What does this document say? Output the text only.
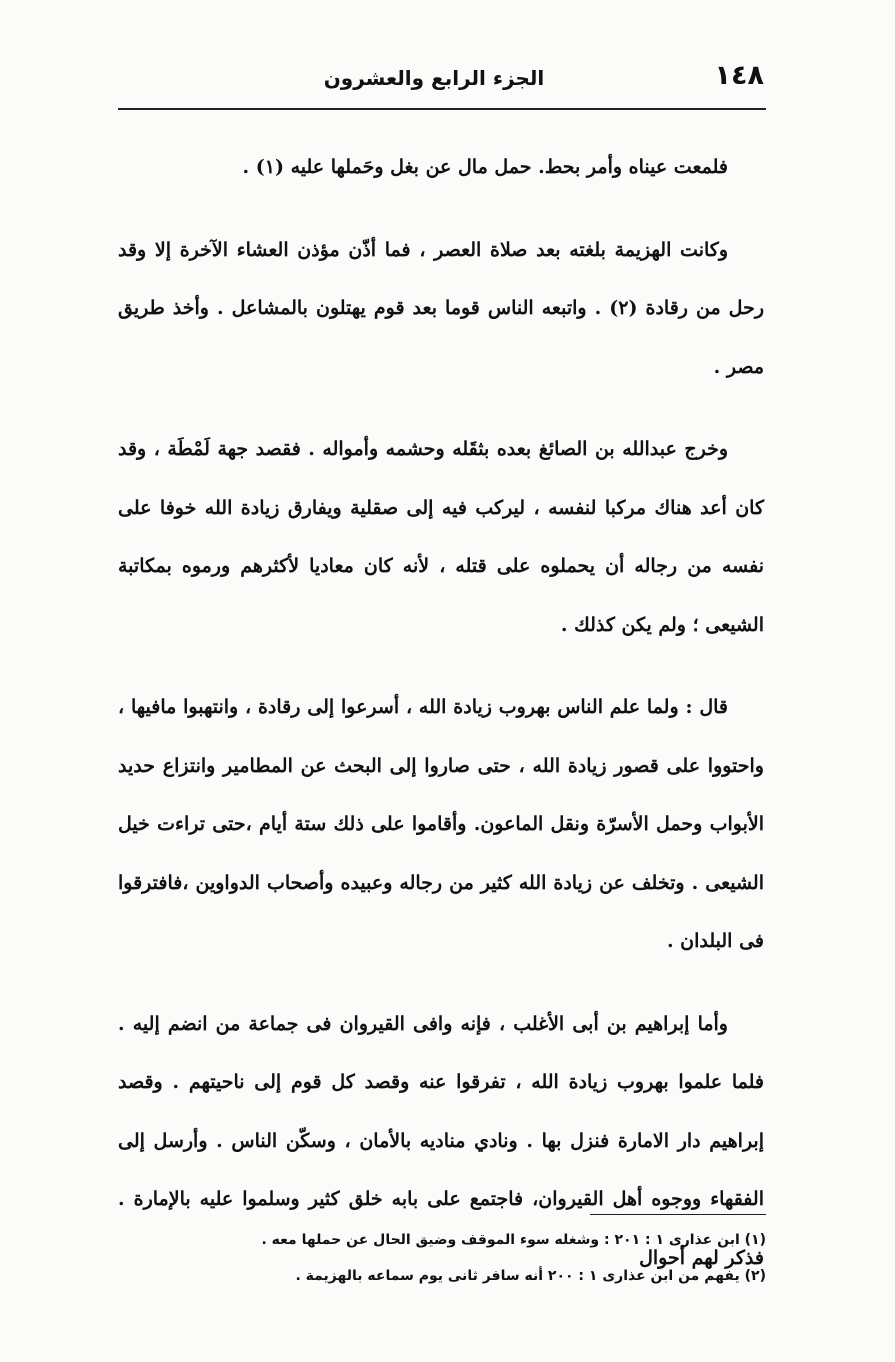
١٤٨
الجزء الرابع والعشرون

فلمعت عيناه وأمر بحط. حمل مال عن بغل وحَملها عليه (١) .

وكانت الهزيمة بلغته بعد صلاة العصر ، فما أذّن مؤذن العشاء الآخرة إلا وقد رحل من رقادة (٢) . واتبعه الناس قوما بعد قوم يهتلون بالمشاعل . وأخذ طريق مصر .

وخرج عبدالله بن الصائغ بعده بثقَله وحشمه وأمواله . فقصد جهة لَمْطَة ، وقد كان أعد هناك مركبا لنفسه ، ليركب فيه إلى صقلية ويفارق زيادة الله خوفا على نفسه من رجاله أن يحملوه على قتله ، لأنه كان معاديا لأكثرهم ورموه بمكاتبة الشيعى ؛ ولم يكن كذلك .

قال : ولما علم الناس بهروب زيادة الله ، أسرعوا إلى رقادة ، وانتهبوا مافيها ، واحتووا على قصور زيادة الله ، حتى صاروا إلى البحث عن المطامير وانتزاع حديد الأبواب وحمل الأسرّة ونقل الماعون. وأقاموا على ذلك ستة أيام ،حتى تراءت خيل الشيعى . وتخلف عن زيادة الله كثير من رجاله وعبيده وأصحاب الدواوين ،فافترقوا فى البلدان .

وأما إبراهيم بن أبى الأغلب ، فإنه وافى القيروان فى جماعة من انضم إليه . فلما علموا بهروب زيادة الله ، تفرقوا عنه وقصد كل قوم إلى ناحيتهم . وقصد إبراهيم دار الامارة فنزل بها . ونادي مناديه بالأمان ، وسكّن الناس . وأرسل إلى الفقهاء ووجوه أهل القيروان، فاجتمع على بابه خلق كثير وسلموا عليه بالإمارة . فذكر لهم أحوال

(١) ابن عذارى ١ : ٢٠١ : وشغله سوء الموقف وضيق الحال عن حملها معه .
(٢) يفهم من ابن عذارى ١ : ٢٠٠ أنه سافر ثانى يوم سماعه بالهزيمة .
